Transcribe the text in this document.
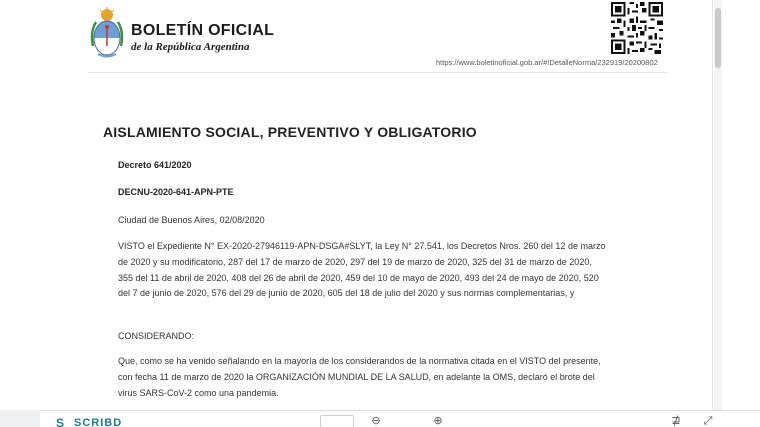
BOLETÍN OFICIAL
de la República Argentina
https://www.boletinoficial.gob.ar/#!DetalleNorma/232919/20200802
AISLAMIENTO SOCIAL, PREVENTIVO Y OBLIGATORIO
Decreto 641/2020
DECNU-2020-641-APN-PTE
Ciudad de Buenos Aires, 02/08/2020

VISTO el Expediente N° EX-2020-27946119-APN-DSGA#SLYT, la Ley N° 27.541, los Decretos Nros. 260 del 12 de marzo de 2020 y su modificatorio, 287 del 17 de marzo de 2020, 297 del 19 de marzo de 2020, 325 del 31 de marzo de 2020, 355 del 11 de abril de 2020, 408 del 26 de abril de 2020, 459 del 10 de mayo de 2020, 493 del 24 de mayo de 2020, 520 del 7 de junio de 2020, 576 del 29 de junio de 2020, 605 del 18 de julio del 2020 y sus normas complementarias, y

CONSIDERANDO:

Que, como se ha venido señalando en la mayoría de los considerandos de la normativa citada en el VISTO del presente, con fecha 11 de marzo de 2020 la ORGANIZACIÓN MUNDIAL DE LA SALUD, en adelante la OMS, declaró el brote del virus SARS-CoV-2 como una pandemia.

S SCRIBD	⊖	⊕	⋣ ⤢
